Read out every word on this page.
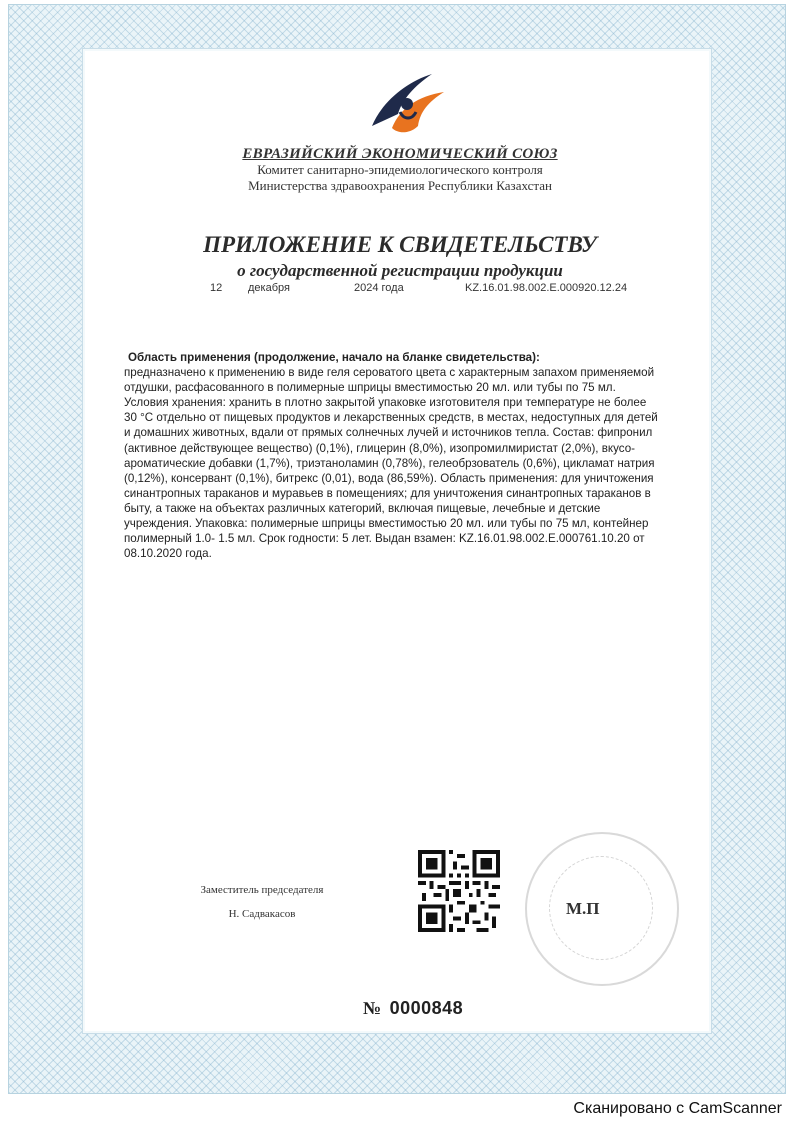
ЕВРАЗИЙСКИЙ ЭКОНОМИЧЕСКИЙ СОЮЗ
Комитет санитарно-эпидемиологического контроля
Министерства здравоохранения Республики Казахстан
ПРИЛОЖЕНИЕ К СВИДЕТЕЛЬСТВУ
о государственной регистрации продукции
12 декабря	2024 года	KZ.16.01.98.002.E.000920.12.24
Область применения (продолжение, начало на бланке свидетельства):
предназначено к применению в виде геля сероватого цвета с характерным запахом применяемой
отдушки, расфасованного в полимерные шприцы вместимостью 20 мл. или тубы по 75 мл.
Условия хранения: хранить в плотно закрытой упаковке изготовителя при температуре не более
30 °С отдельно от пищевых продуктов и лекарственных средств, в местах, недоступных для детей
и домашних животных, вдали от прямых солнечных лучей и источников тепла. Состав: фипронил
(активное действующее вещество) (0,1%), глицерин (8,0%), изопромилмиристат (2,0%), вкусо-
ароматические добавки (1,7%), триэтаноламин (0,78%), гелеобрзователь (0,6%), цикламат натрия
(0,12%), консервант (0,1%), битрекс (0,01), вода (86,59%). Область применения: для уничтожения
синантропных тараканов и муравьев в помещениях; для уничтожения синантропных тараканов в
быту, а также на объектах различных категорий, включая пищевые, лечебные и детские
учреждения. Упаковка: полимерные шприцы вместимостью 20 мл. или тубы по 75 мл, контейнер
полимерный 1.0- 1.5 мл. Срок годности: 5 лет. Выдан взамен: KZ.16.01.98.002.E.000761.10.20 от
08.10.2020 года.
Заместитель председателя
Н. Садвакасов	М.П
№ 0000848
Сканировано с CamScanner
